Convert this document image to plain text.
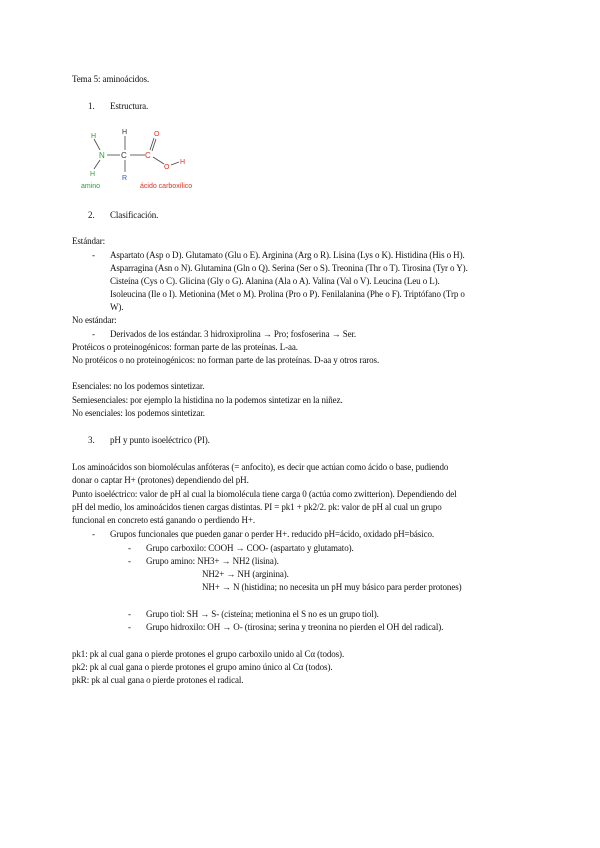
Tema 5: aminoácidos.
1. Estructura.
H
N
H
H
C
R
C
O
O
H
amino	ácido carboxílico
2. Clasificación.
Estándar:
- Aspartato (Asp o D). Glutamato (Glu o E). Arginina (Arg o R). Lisina (Lys o K). Histidina (His o H).
Asparragina (Asn o N). Glutamina (Gln o Q). Serina (Ser o S). Treonina (Thr o T). Tirosina (Tyr o Y).
Cisteína (Cys o C). Glicina (Gly o G). Alanina (Ala o A). Valina (Val o V). Leucina (Leu o L).
Isoleucina (Ile o I). Metionina (Met o M). Prolina (Pro o P). Fenilalanina (Phe o F). Triptófano (Trp o
W).
No estándar:
- Derivados de los estándar. 3 hidroxiprolina → Pro; fosfoserina → Ser.
Protéicos o proteinogénicos: forman parte de las proteínas. L-aa.
No protéicos o no proteinogénicos: no forman parte de las proteínas. D-aa y otros raros.
Esenciales: no los podemos sintetizar.
Semiesenciales: por ejemplo la histidina no la podemos sintetizar en la niñez.
No esenciales: los podemos sintetizar.
3. pH y punto isoeléctrico (PI).
Los aminoácidos son biomoléculas anfóteras (= anfocito), es decir que actúan como ácido o base, pudiendo
donar o captar H+ (protones) dependiendo del pH.
Punto isoeléctrico: valor de pH al cual la biomolécula tiene carga 0 (actúa como zwitterion). Dependiendo del
pH del medio, los aminoácidos tienen cargas distintas. PI = pk1 + pk2/2. pk: valor de pH al cual un grupo
funcional en concreto está ganando o perdiendo H+.
- Grupos funcionales que pueden ganar o perder H+. reducido pH=ácido, oxidado pH=básico.
- Grupo carboxilo: COOH → COO- (aspartato y glutamato).
- Grupo amino: NH3+ → NH2 (lisina).
NH2+ → NH (arginina).
NH+ → N (histidina; no necesita un pH muy básico para perder protones)
- Grupo tiol: SH → S- (cisteína; metionina el S no es un grupo tiol).
- Grupo hidroxilo: OH → O- (tirosina; serina y treonina no pierden el OH del radical).
pk1: pk al cual gana o pierde protones el grupo carboxilo unido al Cα (todos).
pk2: pk al cual gana o pierde protones el grupo amino único al Cα (todos).
pkR: pk al cual gana o pierde protones el radical.
